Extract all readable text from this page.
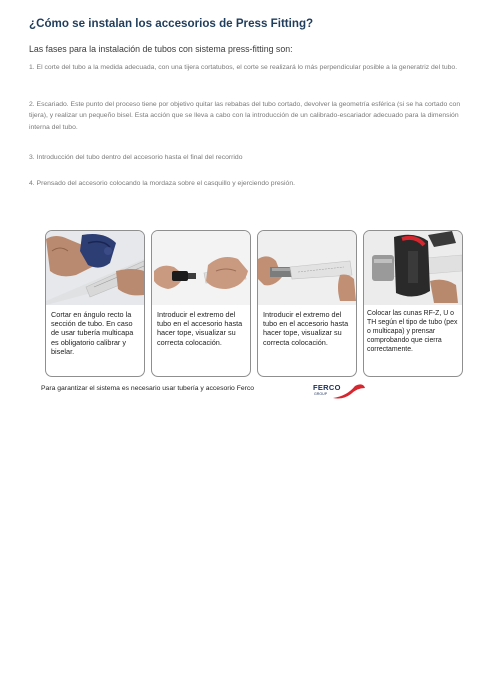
¿Cómo se instalan los accesorios de Press Fitting?

Las fases para la instalación de tubos con sistema press-fitting son:

1. El corte del tubo a la medida adecuada, con una tijera cortatubos, el corte se realizará lo más perpendicular posible a la generatriz del tubo.

2. Escariado. Este punto del proceso tiene por objetivo quitar las rebabas del tubo cortado, devolver la geometría esférica (si se ha cortado con tijera), y realizar un pequeño bisel. Esta acción que se lleva a cabo con la introducción de un calibrado-escariador adecuado para la dimensión interna del tubo.

3. Introducción del tubo dentro del accesorio hasta el final del recorrido

4. Prensado del accesorio colocando la mordaza sobre el casquillo y ejerciendo presión.

Cortar en ángulo recto la sección de tubo. En caso de usar tubería multicapa es obligatorio calibrar y biselar.
Introducir el extremo del tubo en el accesorio hasta hacer tope, visualizar su correcta colocación.
Introducir el extremo del tubo en el accesorio hasta hacer tope, visualizar su correcta colocación.
Colocar las cunas RF-Z, U o TH según el tipo de tubo (pex o multicapa) y prensar comprobando que cierra correctamente.
Para garantizar el sistema es necesario usar tubería y accesorio Ferco	FERCO
GROUP
